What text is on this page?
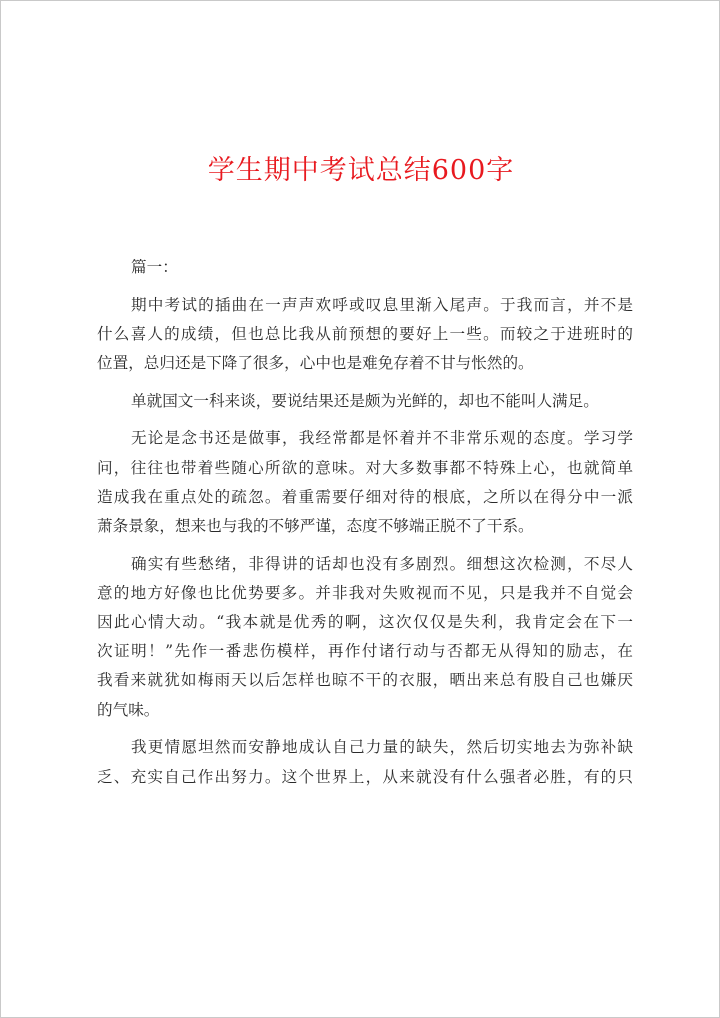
学生期中考试总结600字
篇一：
期中考试的插曲在一声声欢呼或叹息里渐入尾声。于我而言，并不是
什么喜人的成绩，但也总比我从前预想的要好上一些。而较之于进班时的
位置，总归还是下降了很多，心中也是难免存着不甘与怅然的。
单就国文一科来谈，要说结果还是颇为光鲜的，却也不能叫人满足。
无论是念书还是做事，我经常都是怀着并不非常乐观的态度。学习学
问，往往也带着些随心所欲的意味。对大多数事都不特殊上心，也就简单
造成我在重点处的疏忽。着重需要仔细对待的根底，之所以在得分中一派
萧条景象，想来也与我的不够严谨，态度不够端正脱不了干系。
确实有些愁绪，非得讲的话却也没有多剧烈。细想这次检测，不尽人
意的地方好像也比优势要多。并非我对失败视而不见，只是我并不自觉会
因此心情大动。“我本就是优秀的啊，这次仅仅是失利，我肯定会在下一
次证明！”先作一番悲伤模样，再作付诸行动与否都无从得知的励志，在
我看来就犹如梅雨天以后怎样也晾不干的衣服，晒出来总有股自己也嫌厌
的气味。
我更情愿坦然而安静地成认自己力量的缺失，然后切实地去为弥补缺
乏、充实自己作出努力。这个世界上，从来就没有什么强者必胜，有的只
